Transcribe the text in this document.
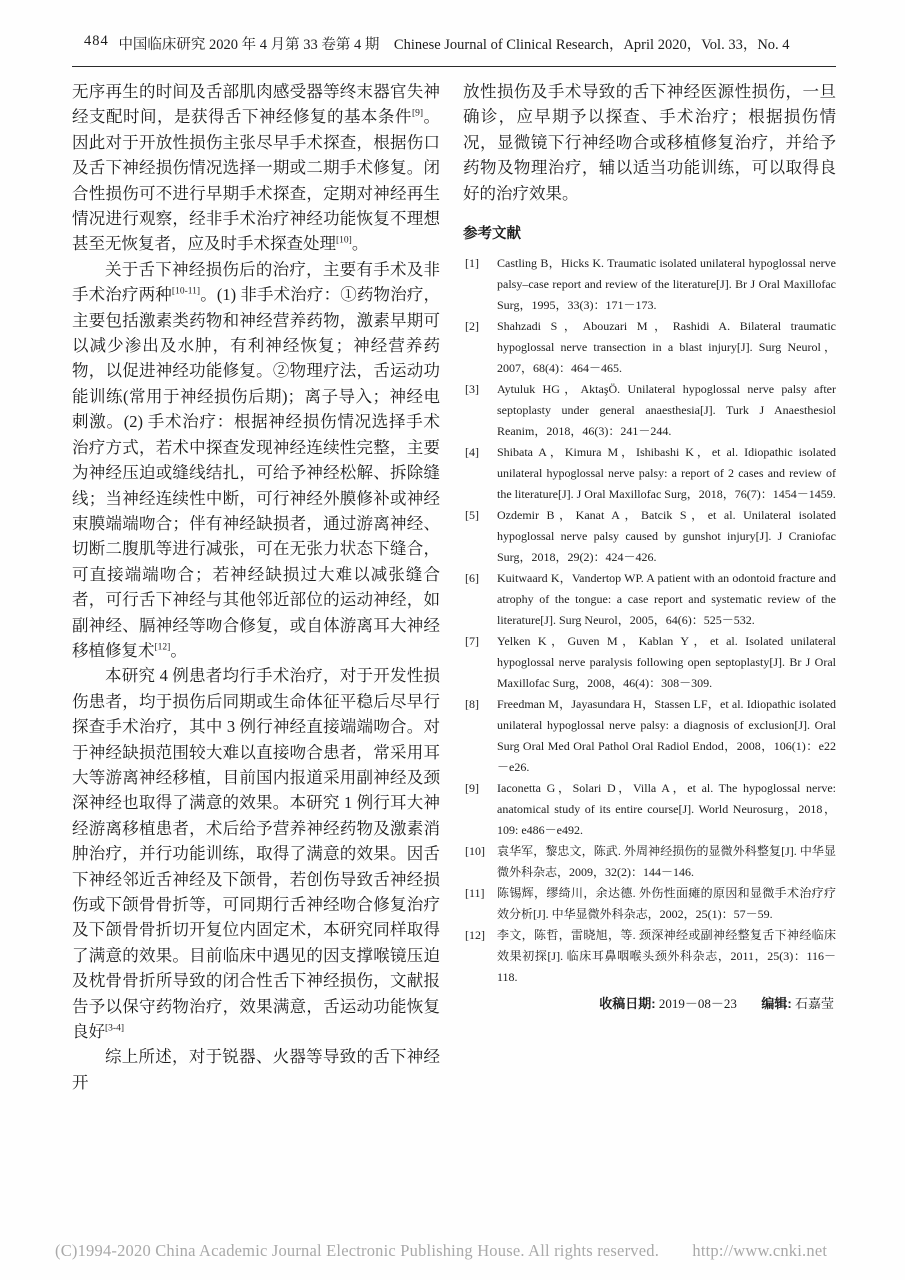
484 中国临床研究 2020 年 4 月第 33 卷第 4 期　Chinese Journal of Clinical Research，April 2020，Vol. 33，No. 4

无序再生的时间及舌部肌肉感受器等终末器官失神经支配时间，是获得舌下神经修复的基本条件[9]。因此对于开放性损伤主张尽早手术探查，根据伤口及舌下神经损伤情况选择一期或二期手术修复。闭合性损伤可不进行早期手术探查，定期对神经再生情况进行观察，经非手术治疗神经功能恢复不理想甚至无恢复者，应及时手术探查处理[10]。

关于舌下神经损伤后的治疗，主要有手术及非手术治疗两种[10-11]。(1) 非手术治疗：①药物治疗，主要包括激素类药物和神经营养药物，激素早期可以减少渗出及水肿，有利神经恢复；神经营养药物，以促进神经功能修复。②物理疗法，舌运动功能训练(常用于神经损伤后期)；离子导入；神经电刺激。(2) 手术治疗：根据神经损伤情况选择手术治疗方式，若术中探查发现神经连续性完整，主要为神经压迫或缝线结扎，可给予神经松解、拆除缝线；当神经连续性中断，可行神经外膜修补或神经束膜端端吻合；伴有神经缺损者，通过游离神经、切断二腹肌等进行减张，可在无张力状态下缝合，可直接端端吻合；若神经缺损过大难以减张缝合者，可行舌下神经与其他邻近部位的运动神经，如副神经、膈神经等吻合修复，或自体游离耳大神经移植修复术[12]。

本研究 4 例患者均行手术治疗，对于开发性损伤患者，均于损伤后同期或生命体征平稳后尽早行探查手术治疗，其中 3 例行神经直接端端吻合。对于神经缺损范围较大难以直接吻合患者，常采用耳大等游离神经移植，目前国内报道采用副神经及颈深神经也取得了满意的效果。本研究 1 例行耳大神经游离移植患者，术后给予营养神经药物及激素消肿治疗，并行功能训练，取得了满意的效果。因舌下神经邻近舌神经及下颌骨，若创伤导致舌神经损伤或下颌骨骨折等，可同期行舌神经吻合修复治疗及下颌骨骨折切开复位内固定术，本研究同样取得了满意的效果。目前临床中遇见的因支撑喉镜压迫及枕骨骨折所导致的闭合性舌下神经损伤，文献报告予以保守药物治疗，效果满意，舌运动功能恢复良好[3-4]

综上所述，对于锐器、火器等导致的舌下神经开

放性损伤及手术导致的舌下神经医源性损伤，一旦确诊，应早期予以探查、手术治疗；根据损伤情况，显微镜下行神经吻合或移植修复治疗，并给予药物及物理治疗，辅以适当功能训练，可以取得良好的治疗效果。

参考文献
[1] Castling B，Hicks K. Traumatic isolated unilateral hypoglossal nerve palsy–case report and review of the literature[J]. Br J Oral Maxillofac Surg，1995，33(3)：171－173.
[2] Shahzadi S，Abouzari M，Rashidi A. Bilateral traumatic hypoglossal nerve transection in a blast injury[J]. Surg Neurol，2007，68(4)：464－465.
[3] Aytuluk HG，AktaşÖ. Unilateral hypoglossal nerve palsy after septoplasty under general anaesthesia[J]. Turk J Anaesthesiol Reanim，2018，46(3)：241－244.
[4] Shibata A，Kimura M，Ishibashi K，et al. Idiopathic isolated unilateral hypoglossal nerve palsy: a report of 2 cases and review of the literature[J]. J Oral Maxillofac Surg，2018，76(7)：1454－1459.
[5] Ozdemir B，Kanat A，Batcik S，et al. Unilateral isolated hypoglossal nerve palsy caused by gunshot injury[J]. J Craniofac Surg，2018，29(2)：424－426.
[6] Kuitwaard K，Vandertop WP. A patient with an odontoid fracture and atrophy of the tongue: a case report and systematic review of the literature[J]. Surg Neurol，2005，64(6)：525－532.
[7] Yelken K，Guven M，Kablan Y，et al. Isolated unilateral hypoglossal nerve paralysis following open septoplasty[J]. Br J Oral Maxillofac Surg，2008，46(4)：308－309.
[8] Freedman M，Jayasundara H，Stassen LF，et al. Idiopathic isolated unilateral hypoglossal nerve palsy: a diagnosis of exclusion[J]. Oral Surg Oral Med Oral Pathol Oral Radiol Endod，2008，106(1)：e22－e26.
[9] Iaconetta G，Solari D，Villa A，et al. The hypoglossal nerve: anatomical study of its entire course[J]. World Neurosurg，2018，109: e486－e492.
[10] 袁华军，黎忠文，陈武. 外周神经损伤的显微外科整复[J]. 中华显微外科杂志，2009，32(2)：144－146.
[11] 陈锡辉，缪绮川，余达德. 外伤性面瘫的原因和显微手术治疗疗效分析[J]. 中华显微外科杂志，2002，25(1)：57－59.
[12] 李文，陈哲，雷晓旭，等. 颈深神经或副神经整复舌下神经临床效果初探[J]. 临床耳鼻咽喉头颈外科杂志，2011，25(3)：116－118.
收稿日期: 2019－08－23 编辑: 石嘉莹
(C)1994-2020 China Academic Journal Electronic Publishing House. All rights reserved.　　http://www.cnki.net
